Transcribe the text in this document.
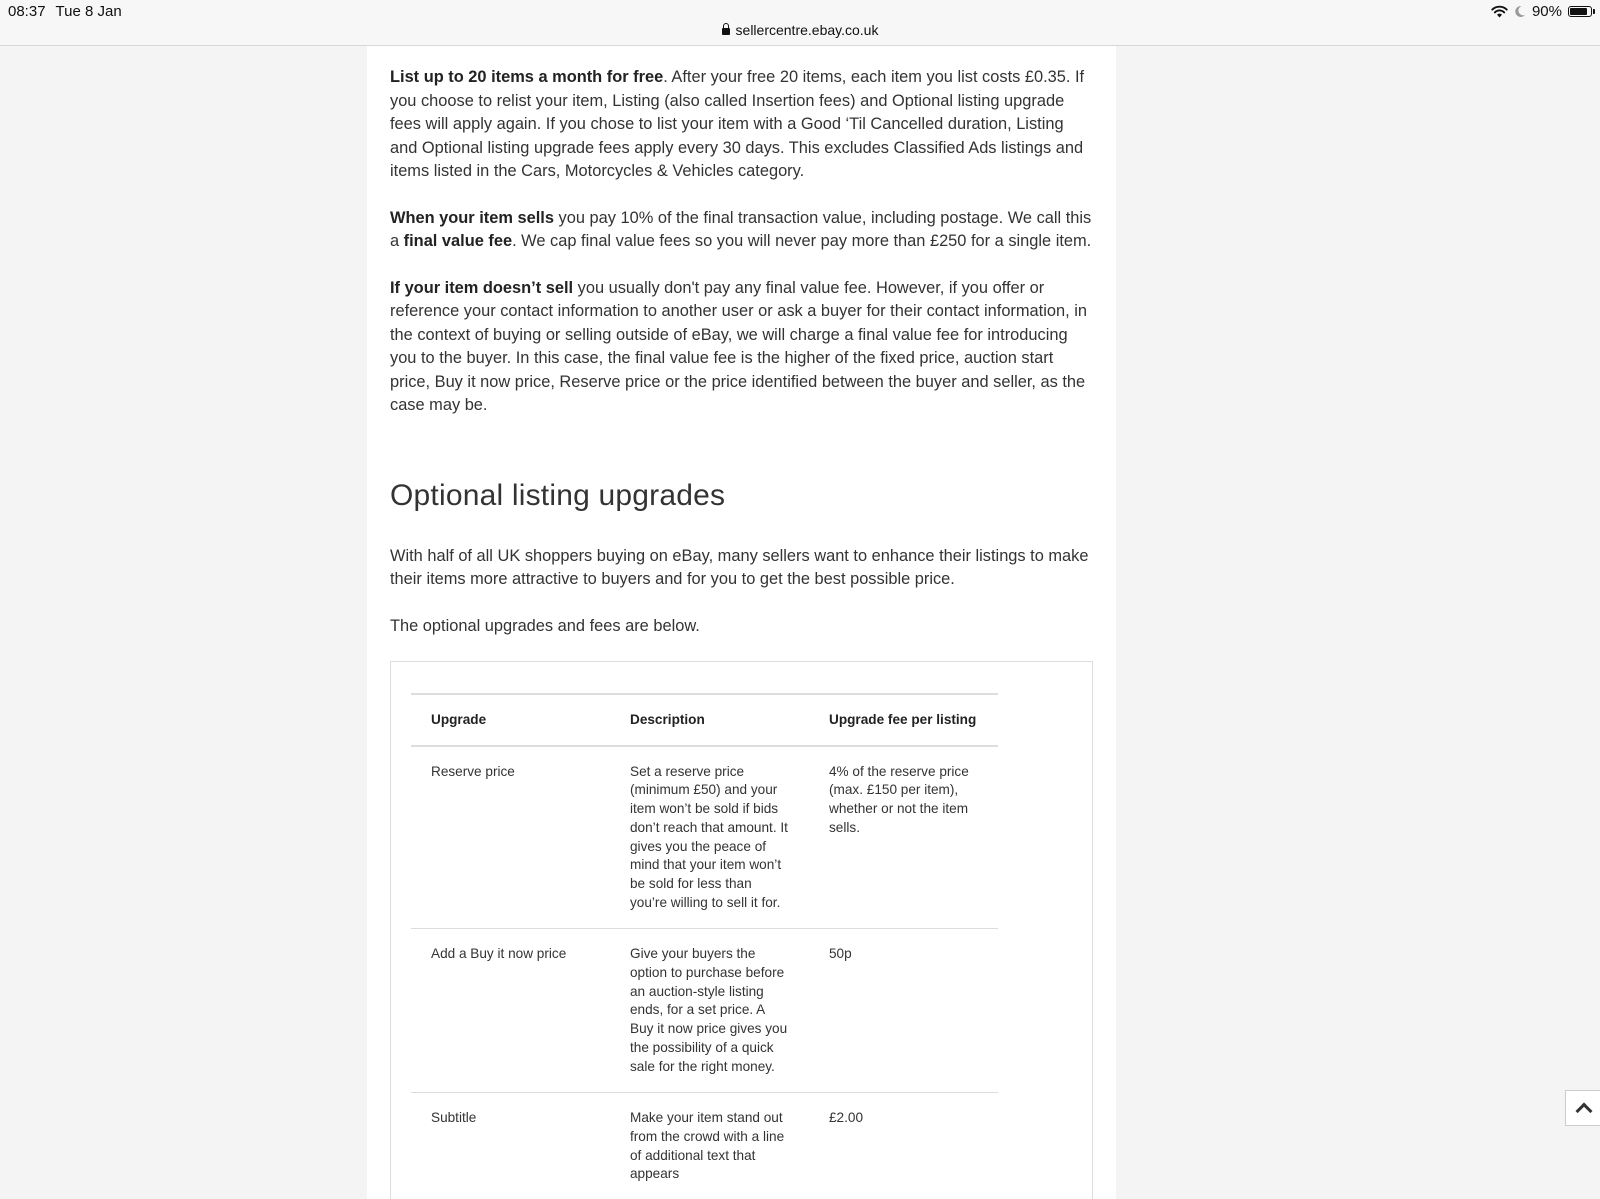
08:37 Tue 8 Jan	90%
sellercentre.ebay.co.uk

List up to 20 items a month for free. After your free 20 items, each item you list costs £0.35. If you choose to relist your item, Listing (also called Insertion fees) and Optional listing upgrade fees will apply again. If you chose to list your item with a Good ‘Til Cancelled duration, Listing and Optional listing upgrade fees apply every 30 days. This excludes Classified Ads listings and items listed in the Cars, Motorcycles & Vehicles category.

When your item sells you pay 10% of the final transaction value, including postage. We call this a final value fee. We cap final value fees so you will never pay more than £250 for a single item.

If your item doesn’t sell you usually don't pay any final value fee. However, if you offer or reference your contact information to another user or ask a buyer for their contact information, in the context of buying or selling outside of eBay, we will charge a final value fee for introducing you to the buyer. In this case, the final value fee is the higher of the fixed price, auction start price, Buy it now price, Reserve price or the price identified between the buyer and seller, as the case may be.

Optional listing upgrades

With half of all UK shoppers buying on eBay, many sellers want to enhance their listings to make their items more attractive to buyers and for you to get the best possible price.

The optional upgrades and fees are below.

Upgrade	Description	Upgrade fee per listing
Reserve price	Set a reserve price (minimum £50) and your item won’t be sold if bids don’t reach that amount. It gives you the peace of mind that your item won’t be sold for less than you’re willing to sell it for.	4% of the reserve price (max. £150 per item), whether or not the item sells.
Add a Buy it now price	Give your buyers the option to purchase before an auction-style listing ends, for a set price. A Buy it now price gives you the possibility of a quick sale for the right money.	50p
Subtitle	Make your item stand out from the crowd with a line of additional text that appears	£2.00
